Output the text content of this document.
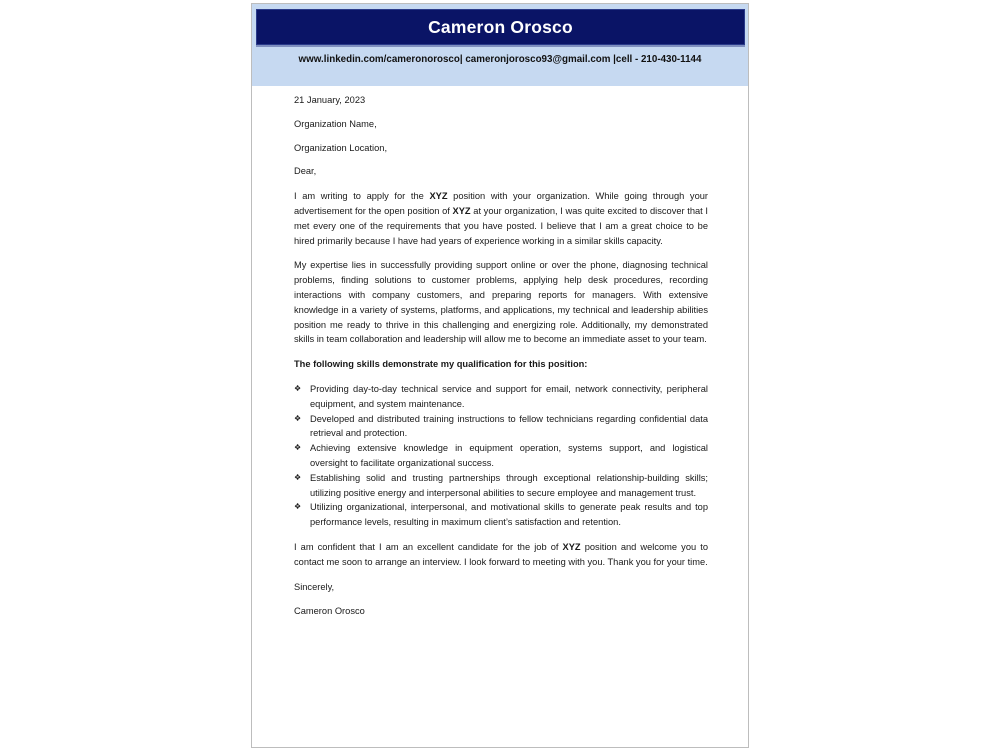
Cameron Orosco
www.linkedin.com/cameronorosco| cameronjorosco93@gmail.com |cell - 210-430-1144

21 January, 2023

Organization Name,

Organization Location,

Dear,

I am writing to apply for the XYZ position with your organization. While going through your advertisement for the open position of XYZ at your organization, I was quite excited to discover that I met every one of the requirements that you have posted. I believe that I am a great choice to be hired primarily because I have had years of experience working in a similar skills capacity.

My expertise lies in successfully providing support online or over the phone, diagnosing technical problems, finding solutions to customer problems, applying help desk procedures, recording interactions with company customers, and preparing reports for managers. With extensive knowledge in a variety of systems, platforms, and applications, my technical and leadership abilities position me ready to thrive in this challenging and energizing role. Additionally, my demonstrated skills in team collaboration and leadership will allow me to become an immediate asset to your team.

The following skills demonstrate my qualification for this position:

❖ Providing day-to-day technical service and support for email, network connectivity, peripheral equipment, and system maintenance.
❖ Developed and distributed training instructions to fellow technicians regarding confidential data retrieval and protection.
❖ Achieving extensive knowledge in equipment operation, systems support, and logistical oversight to facilitate organizational success.
❖ Establishing solid and trusting partnerships through exceptional relationship-building skills; utilizing positive energy and interpersonal abilities to secure employee and management trust.
❖ Utilizing organizational, interpersonal, and motivational skills to generate peak results and top performance levels, resulting in maximum client’s satisfaction and retention.

I am confident that I am an excellent candidate for the job of XYZ position and welcome you to contact me soon to arrange an interview. I look forward to meeting with you. Thank you for your time.

Sincerely,

Cameron Orosco
